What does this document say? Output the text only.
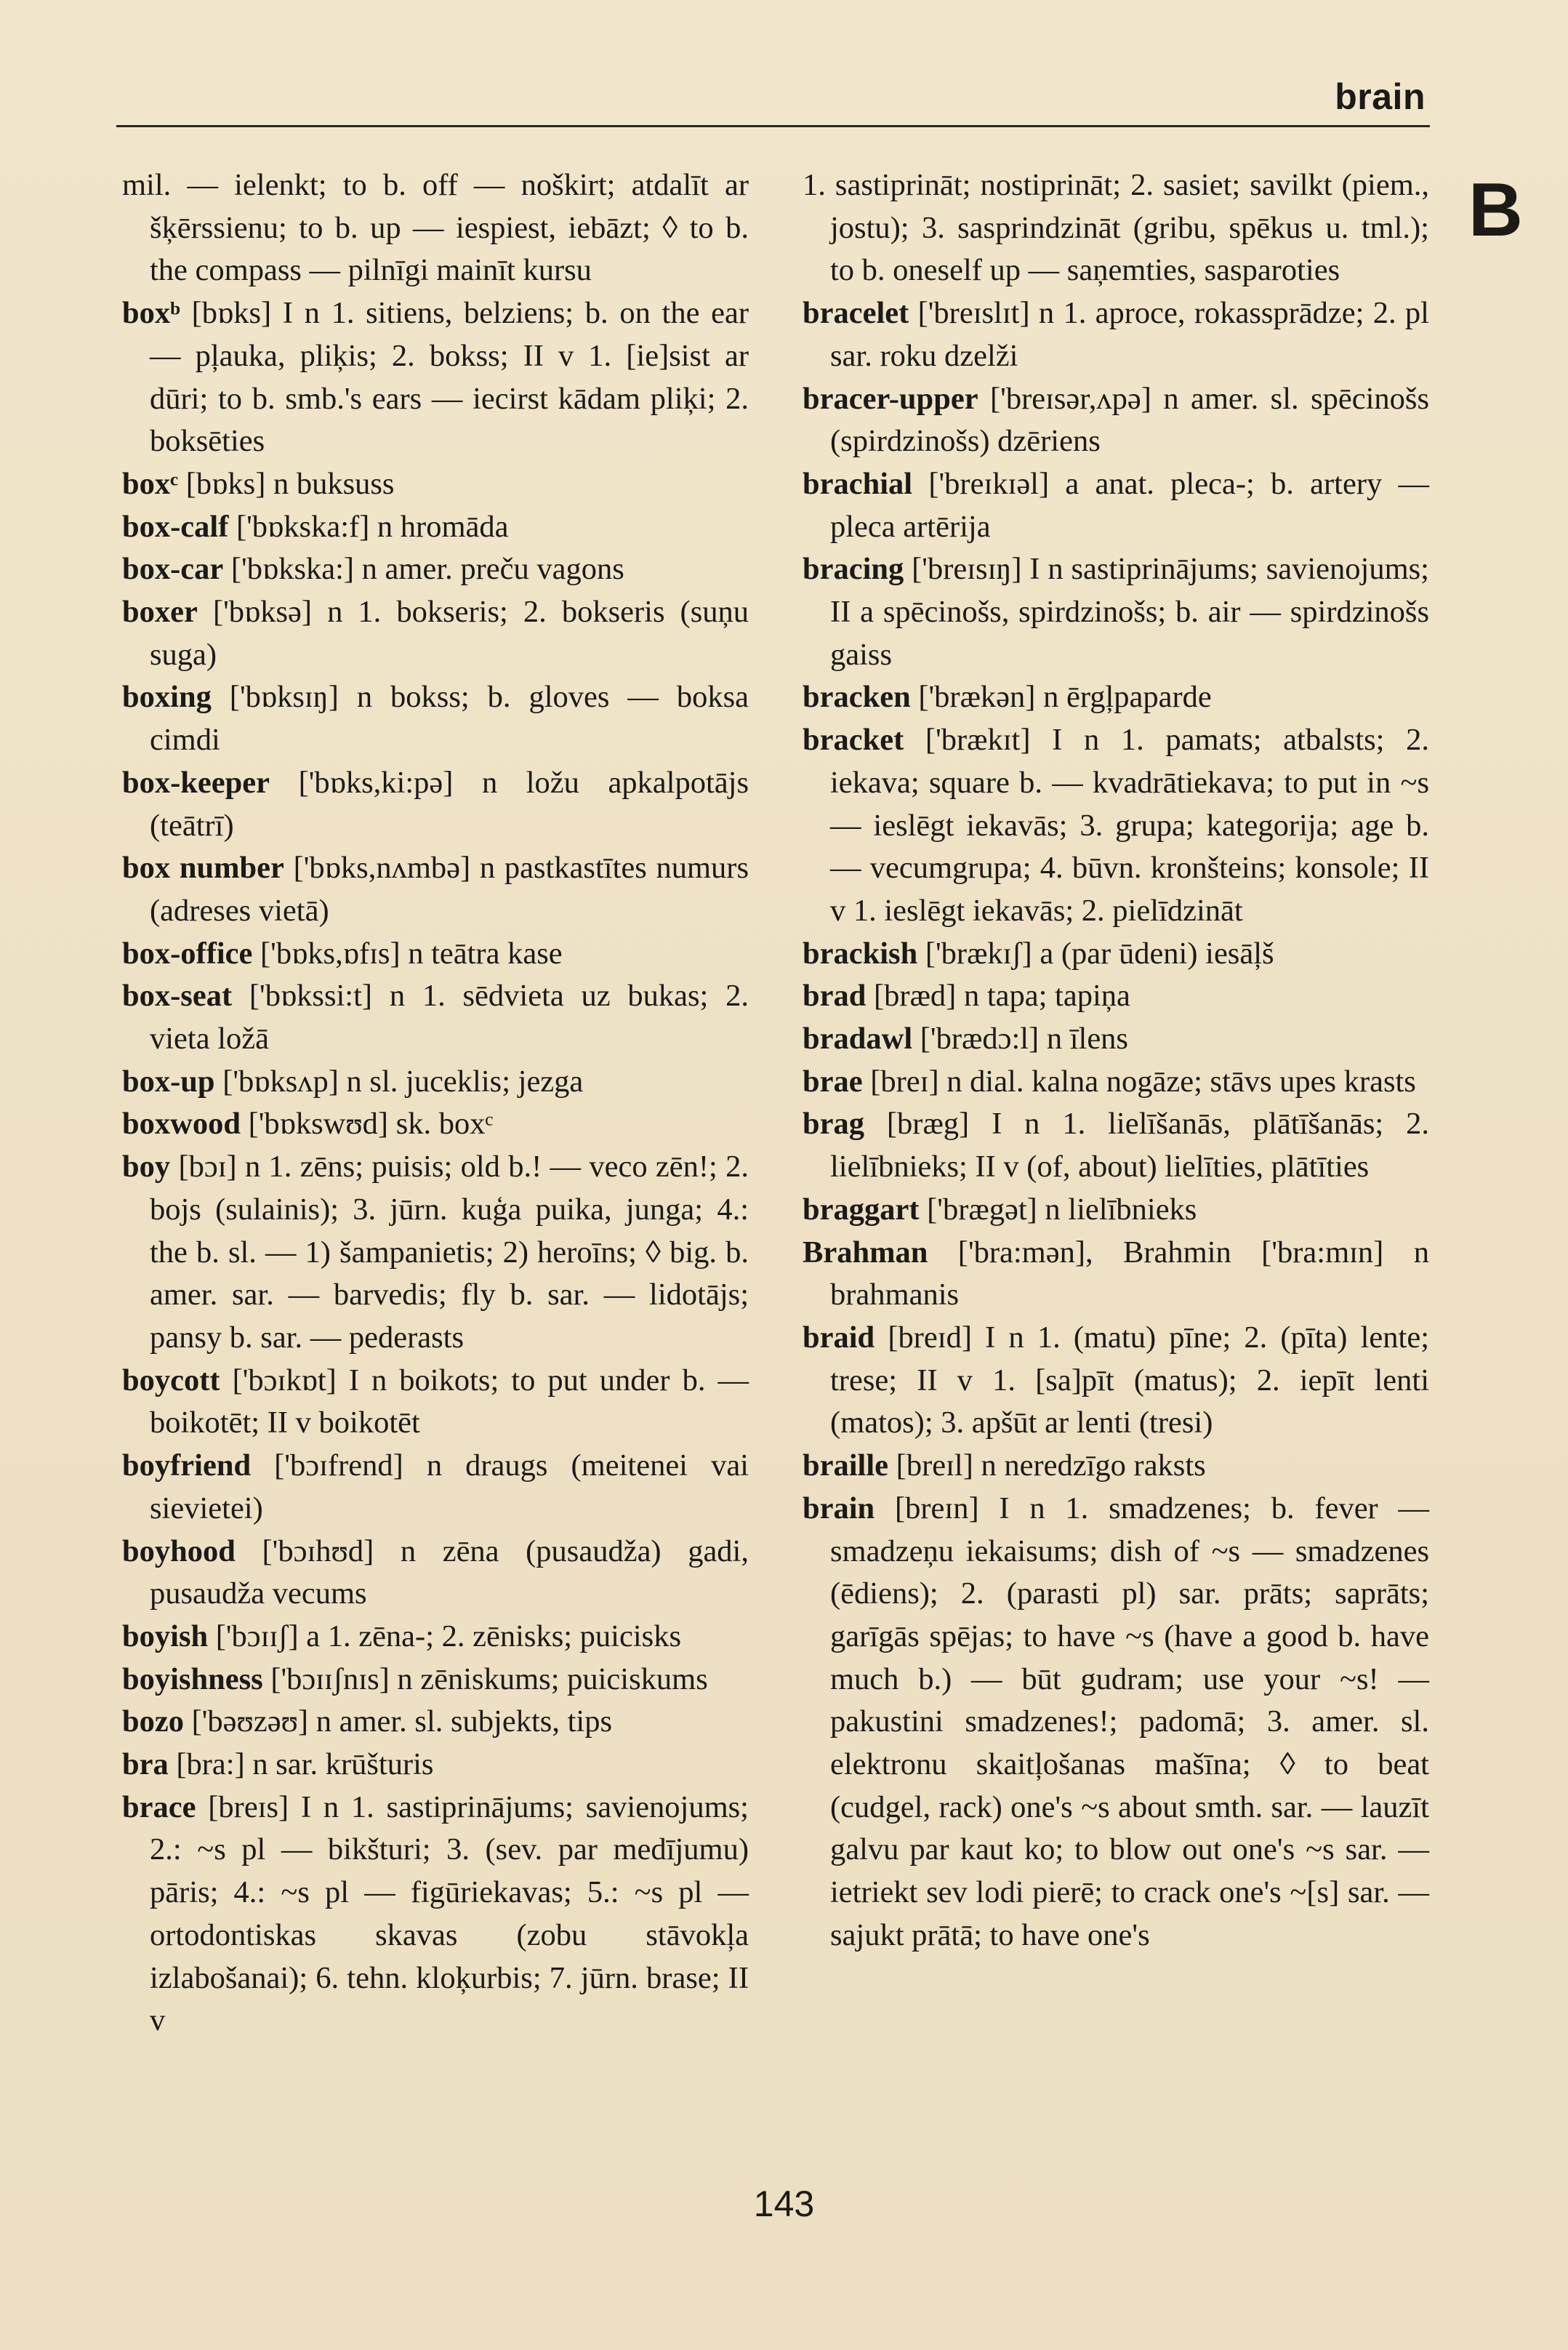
brain
B
mil. — ielenkt; to b. off — noškirt; atdalīt ar šķērssienu; to b. up — iespiest, iebāzt; ◊ to b. the compass — pilnīgi mainīt kursu
boxᵇ [bɒks] I n 1. sitiens, belziens; b. on the ear — pļauka, pliķis; 2. bokss; II v 1. [ie]sist ar dūri; to b. smb.'s ears — iecirst kādam pliķi; 2. boksēties
boxᶜ [bɒks] n buksuss
box-calf ['bɒkska:f] n hromāda
box-car ['bɒkska:] n amer. preču vagons
boxer ['bɒksə] n 1. bokseris; 2. bokseris (suņu suga)
boxing ['bɒksɪŋ] n bokss; b. gloves — boksa cimdi
box-keeper ['bɒks,ki:pə] n ložu apkalpotājs (teātrī)
box number ['bɒks,nʌmbə] n pastkastītes numurs (adreses vietā)
box-office ['bɒks,ɒfɪs] n teātra kase
box-seat ['bɒkssi:t] n 1. sēdvieta uz bukas; 2. vieta ložā
box-up ['bɒksʌp] n sl. juceklis; jezga
boxwood ['bɒkswʊd] sk. boxᶜ
boy [bɔɪ] n 1. zēns; puisis; old b.! — veco zēn!; 2. bojs (sulainis); 3. jūrn. kuģa puika, junga; 4.: the b. sl. — 1) šampanietis; 2) heroīns; ◊ big. b. amer. sar. — barvedis; fly b. sar. — lidotājs; pansy b. sar. — pederasts
boycott ['bɔɪkɒt] I n boikots; to put under b. — boikotēt; II v boikotēt
boyfriend ['bɔɪfrend] n draugs (meitenei vai sievietei)
boyhood ['bɔɪhʊd] n zēna (pusaudža) gadi, pusaudža vecums
boyish ['bɔɪɪʃ] a 1. zēna-; 2. zēnisks; puicisks
boyishness ['bɔɪɪʃnɪs] n zēniskums; puiciskums
bozo ['bəʊzəʊ] n amer. sl. subjekts, tips
bra [bra:] n sar. krūšturis
brace [breɪs] I n 1. sastiprinājums; savienojums; 2.: ~s pl — bikšturi; 3. (sev. par medījumu) pāris; 4.: ~s pl — figūriekavas; 5.: ~s pl — ortodontiskas skavas (zobu stāvokļa izlabošanai); 6. tehn. kloķurbis; 7. jūrn. brase; II v
1. sastiprināt; nostiprināt; 2. sasiet; savilkt (piem., jostu); 3. sasprindzināt (gribu, spēkus u. tml.); to b. oneself up — saņemties, sasparoties
bracelet ['breɪslɪt] n 1. aproce, rokassprādze; 2. pl sar. roku dzelži
bracer-upper ['breɪsər,ʌpə] n amer. sl. spēcinošs (spirdzinošs) dzēriens
brachial ['breɪkɪəl] a anat. pleca-; b. artery — pleca artērija
bracing ['breɪsɪŋ] I n sastiprinājums; savienojums; II a spēcinošs, spirdzinošs; b. air — spirdzinošs gaiss
bracken ['brækən] n ērgļpaparde
bracket ['brækɪt] I n 1. pamats; atbalsts; 2. iekava; square b. — kvadrātiekava; to put in ~s — ieslēgt iekavās; 3. grupa; kategorija; age b. — vecumgrupa; 4. būvn. kronšteins; konsole; II v 1. ieslēgt iekavās; 2. pielīdzināt
brackish ['brækɪʃ] a (par ūdeni) iesāļš
brad [bræd] n tapa; tapiņa
bradawl ['brædɔ:l] n īlens
brae [breɪ] n dial. kalna nogāze; stāvs upes krasts
brag [bræg] I n 1. lielīšanās, plātīšanās; 2. lielībnieks; II v (of, about) lielīties, plātīties
braggart ['brægət] n lielībnieks
Brahman ['bra:mən], Brahmin ['bra:mɪn] n brahmanis
braid [breɪd] I n 1. (matu) pīne; 2. (pīta) lente; trese; II v 1. [sa]pīt (matus); 2. iepīt lenti (matos); 3. apšūt ar lenti (tresi)
braille [breɪl] n neredzīgo raksts
brain [breɪn] I n 1. smadzenes; b. fever — smadzeņu iekaisums; dish of ~s — smadzenes (ēdiens); 2. (parasti pl) sar. prāts; saprāts; garīgās spējas; to have ~s (have a good b. have much b.) — būt gudram; use your ~s! — pakustini smadzenes!; padomā; 3. amer. sl. elektronu skaitļošanas mašīna; ◊ to beat (cudgel, rack) one's ~s about smth. sar. — lauzīt galvu par kaut ko; to blow out one's ~s sar. — ietriekt sev lodi pierē; to crack one's ~[s] sar. — sajukt prātā; to have one's
143
